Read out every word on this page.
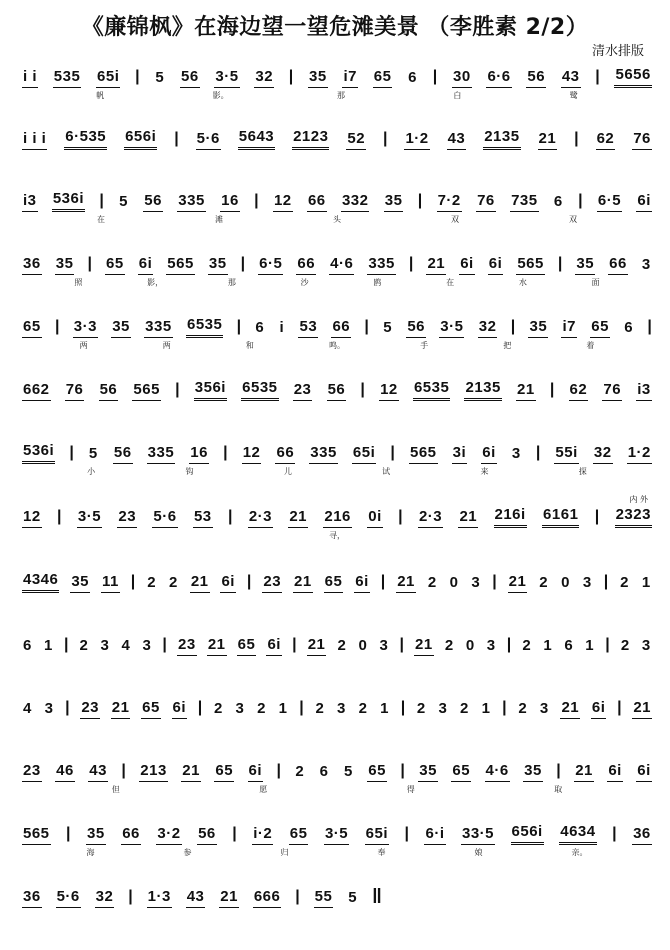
《廉锦枫》在海边望一望危滩美景 （李胜素 2/2）
清水排版
i i 535 65i | 5 56 3·5 32 | 35 i7 65 6 | 30 6·6 56 43 | 5656
帆	影。	那	白	鹭
i i i 6·535 656i | 5·6 5643 2123 52 | 1·2 43 2135 21 | 62 76
i3 536i | 5 56 335 16 | 12 66 332 35 | 7·2 76 735 6 | 6·5 6i
在	滩	头	双	双
36 35 | 65 6i 565 35 | 6·5 66 4·6 335 | 21 6i 6i 565 | 35 66 3
照	影，	那	沙	鸥	在	水	面
65 | 3·3 35 335 6535 | 6 i 53 66 | 5 56 3·5 32 | 35 i7 65 6 |
两	两	和	鸣。	手	把	着
662 76 56 565 | 356i 6535 23 56 | 12 6535 2135 21 | 62 76 i3
536i | 5 56 335 16 | 12 66 335 65i | 565 3i 6i 3 | 55i 32 1·2
小	钩	儿	试	来	探
12 | 3·5 23 5·6 53 | 2·3 21 216 0i | 2·3 21 216i 6161 | 2323
寻，
内 外
4346 35 11 | 2 2 21 6i | 23 21 65 6i | 21 2 0 3 | 21 2 0 3 | 2 1
6 1 | 2 3 4 3 | 23 21 65 6i | 21 2 0 3 | 21 2 0 3 | 2 1 6 1 | 2 3
4 3 | 23 21 65 6i | 2 3 2 1 | 2 3 2 1 | 2 3 2 1 | 2 3 21 6i | 21
23 46 43 | 213 21 65 6i | 2 6 5 65 | 35 65 4·6 35 | 21 6i 6i
但	愿	得	取
565 | 35 66 3·2 56 | i·2 65 3·5 65i | 6·i 33·5 656i 4634 | 36
海	参	归	奉	娘	亲。
36 5·6 32 | 1·3 43 21 666 | 55 5 ‖
